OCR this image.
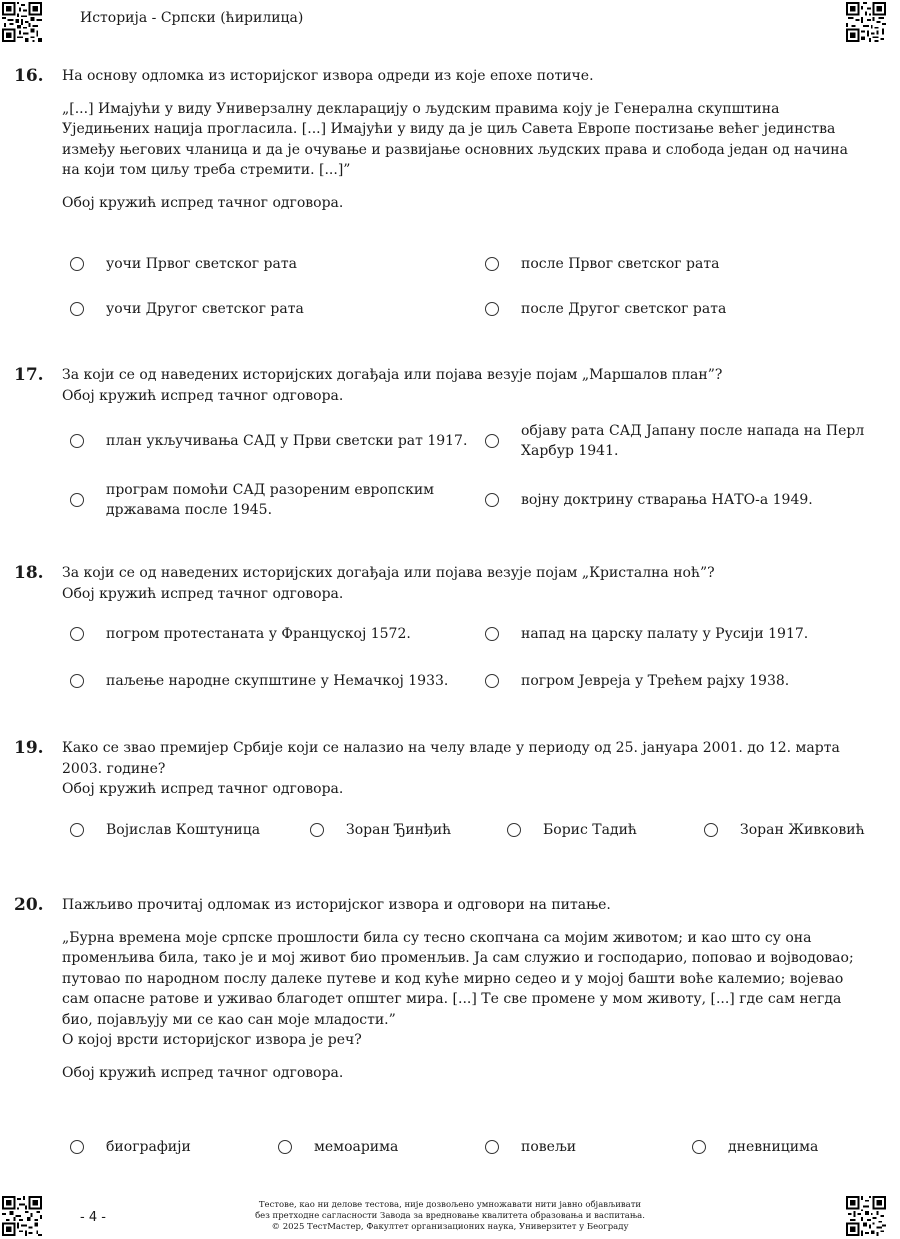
Историја - Српски (ћирилица)
16. На основу одломка из историјског извора одреди из које епохе потиче.

„[...] Имајући у виду Универзалну декларацију о људским правима коју је Генерална скупштина Уједињених нација прогласила. [...] Имајући у виду да је циљ Савета Европе постизање већег јединства између његових чланица и да је очување и развијање основних људских права и слобода један од начина на који том циљу треба стремити. [...]”

Обој кружић испред тачног одговора.

уочи Првог светског рата	после Првог светског рата
уочи Другог светског рата	после Другог светског рата
17. За који се од наведених историјских догађаја или појава везује појам „Маршалов план”?

Обој кружић испред тачног одговора.

план укључивања САД у Први светски рат 1917.
објаву рата САД Јапану после напада на Перл Харбур 1941.
програм помоћи САД разореним европским државама после 1945.
војну доктрину стварања НАТО-а 1949.
18. За који се од наведених историјских догађаја или појава везује појам „Кристална ноћ”?

Обој кружић испред тачног одговора.

погром протестаната у Француској 1572.	напад на царску палату у Русији 1917.
паљење народне скупштине у Немачкој 1933.	погром Јевреја у Трећем рајху 1938.
19. Како се звао премијер Србије који се налазио на челу владе у периоду од 25. јануара 2001. до 12. марта 2003. године?

Обој кружић испред тачног одговора.

Војислав Коштуница	Зоран Ђинђић	Борис Тадић	Зоран Живковић
20. Пажљиво прочитај одломак из историјског извора и одговори на питање.

„Бурна времена моје српске прошлости била су тесно скопчана са мојим животом; и као што су она променљива била, тако је и мој живот био променљив. Ја сам служио и господарио, поповао и војводовао; путовао по народном послу далеке путеве и код куће мирно седео и у мојој башти воће калемио; војевао сам опасне ратове и уживао благодет општег мира. [...] Те све промене у мом животу, [...] где сам негда био, појављују ми се као сан моје младости.”

О којој врсти историјског извора је реч?

Обој кружић испред тачног одговора.

биографији	мемоарима	повељи	дневницима
- 4 -
Тестове, као ни делове тестова, није дозвољено умножавати нити јавно објављивати
без претходне сагласности Завода за вредновање квалитета образовања и васпитања.
© 2025 ТестМастер, Факултет организационих наука, Универзитет у Београду
